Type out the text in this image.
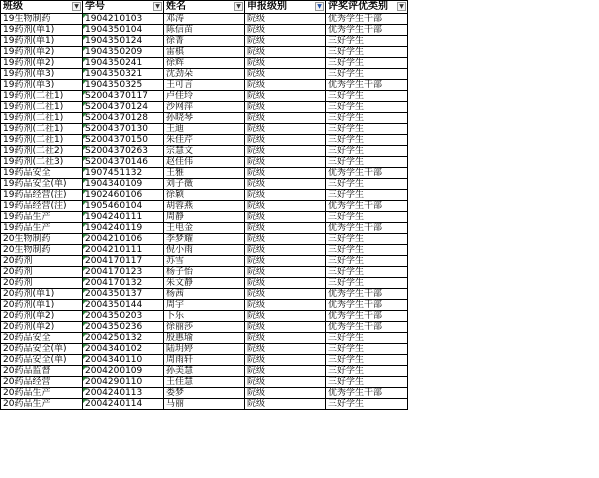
班级 ▼	学号 ▼	姓名 ▼	申报级别 ▼	评奖评优类别 ▼

19生物制药	1904210103	邓涛	院级	优秀学生干部
19药剂(单1)	1904350104	陈信苗	院级	优秀学生干部
19药剂(单1)	1904350124	徐菁	院级	三好学生
19药剂(单2)	1904350209	雷棋	院级	三好学生
19药剂(单2)	1904350241	徐辉	院级	三好学生
19药剂(单3)	1904350321	沈劲朵	院级	三好学生
19药剂(单3)	1904350325	王可言	院级	优秀学生干部
19药剂(二社1)	S2004370117	卢佳玲	院级	三好学生
19药剂(二社1)	S2004370124	沙网萍	院级	三好学生
19药剂(二社1)	S2004370128	孙晓琴	院级	三好学生
19药剂(二社1)	S2004370130	王迪	院级	三好学生
19药剂(二社1)	S2004370150	朱佳芹	院级	三好学生
19药剂(二社2)	S2004370263	宗慧文	院级	三好学生
19药剂(二社3)	S2004370146	赵佳伟	院级	三好学生
19药品安全	1907451132	王雅	院级	优秀学生干部
19药品安全(单)	1904340109	刘子薇	院级	三好学生
19药品经营(注)	1902460106	徐颖	院级	三好学生
19药品经营(注)	1905460104	胡蓉燕	院级	优秀学生干部
19药品生产	1904240111	周静	院级	三好学生
19药品生产	1904240119	王电金	院级	优秀学生干部
20生物制药	2004210106	李梦耀	院级	三好学生
20生物制药	2004210111	倪小雨	院级	三好学生
20药剂	2004170117	苏雪	院级	三好学生
20药剂	2004170123	杨子怡	院级	三好学生
20药剂	2004170132	朱文静	院级	三好学生
20药剂(单1)	2004350137	杨茜	院级	优秀学生干部
20药剂(单1)	2004350144	周宇	院级	优秀学生干部
20药剂(单2)	2004350203	卜乐	院级	优秀学生干部
20药剂(单2)	2004350236	徐丽莎	院级	优秀学生干部
20药品安全	2004250132	殷惠瑜	院级	三好学生
20药品安全(单)	2004340102	陆玥婷	院级	三好学生
20药品安全(单)	2004340110	周雨轩	院级	三好学生
20药品监督	2004200109	孙美慧	院级	三好学生
20药品经营	2004290110	王佳慧	院级	三好学生
20药品生产	2004240113	娄梦	院级	优秀学生干部
20药品生产	2004240114	马丽	院级	三好学生
